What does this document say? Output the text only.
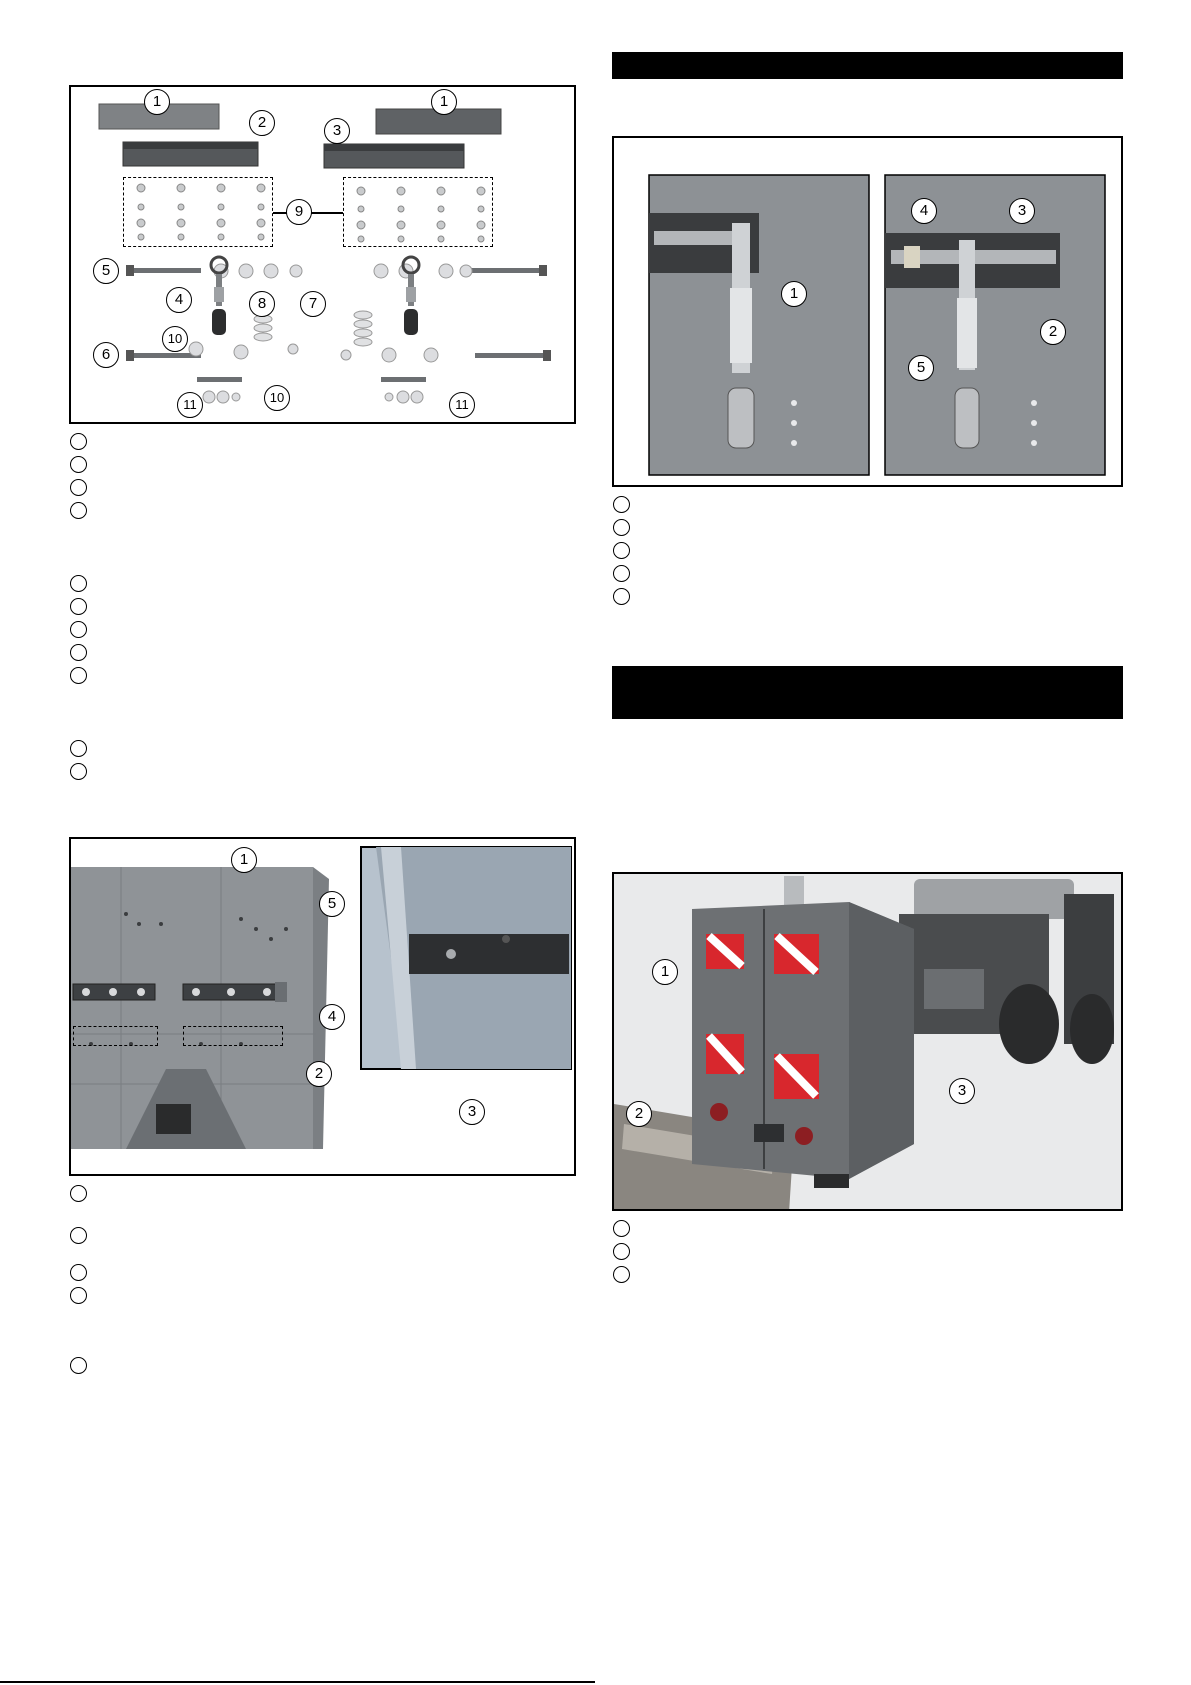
1
2
1
3
9
5
4	8	7
10
6
10
11	11
1
5
4
2
3
4	3
1
2
5
1
2
3
